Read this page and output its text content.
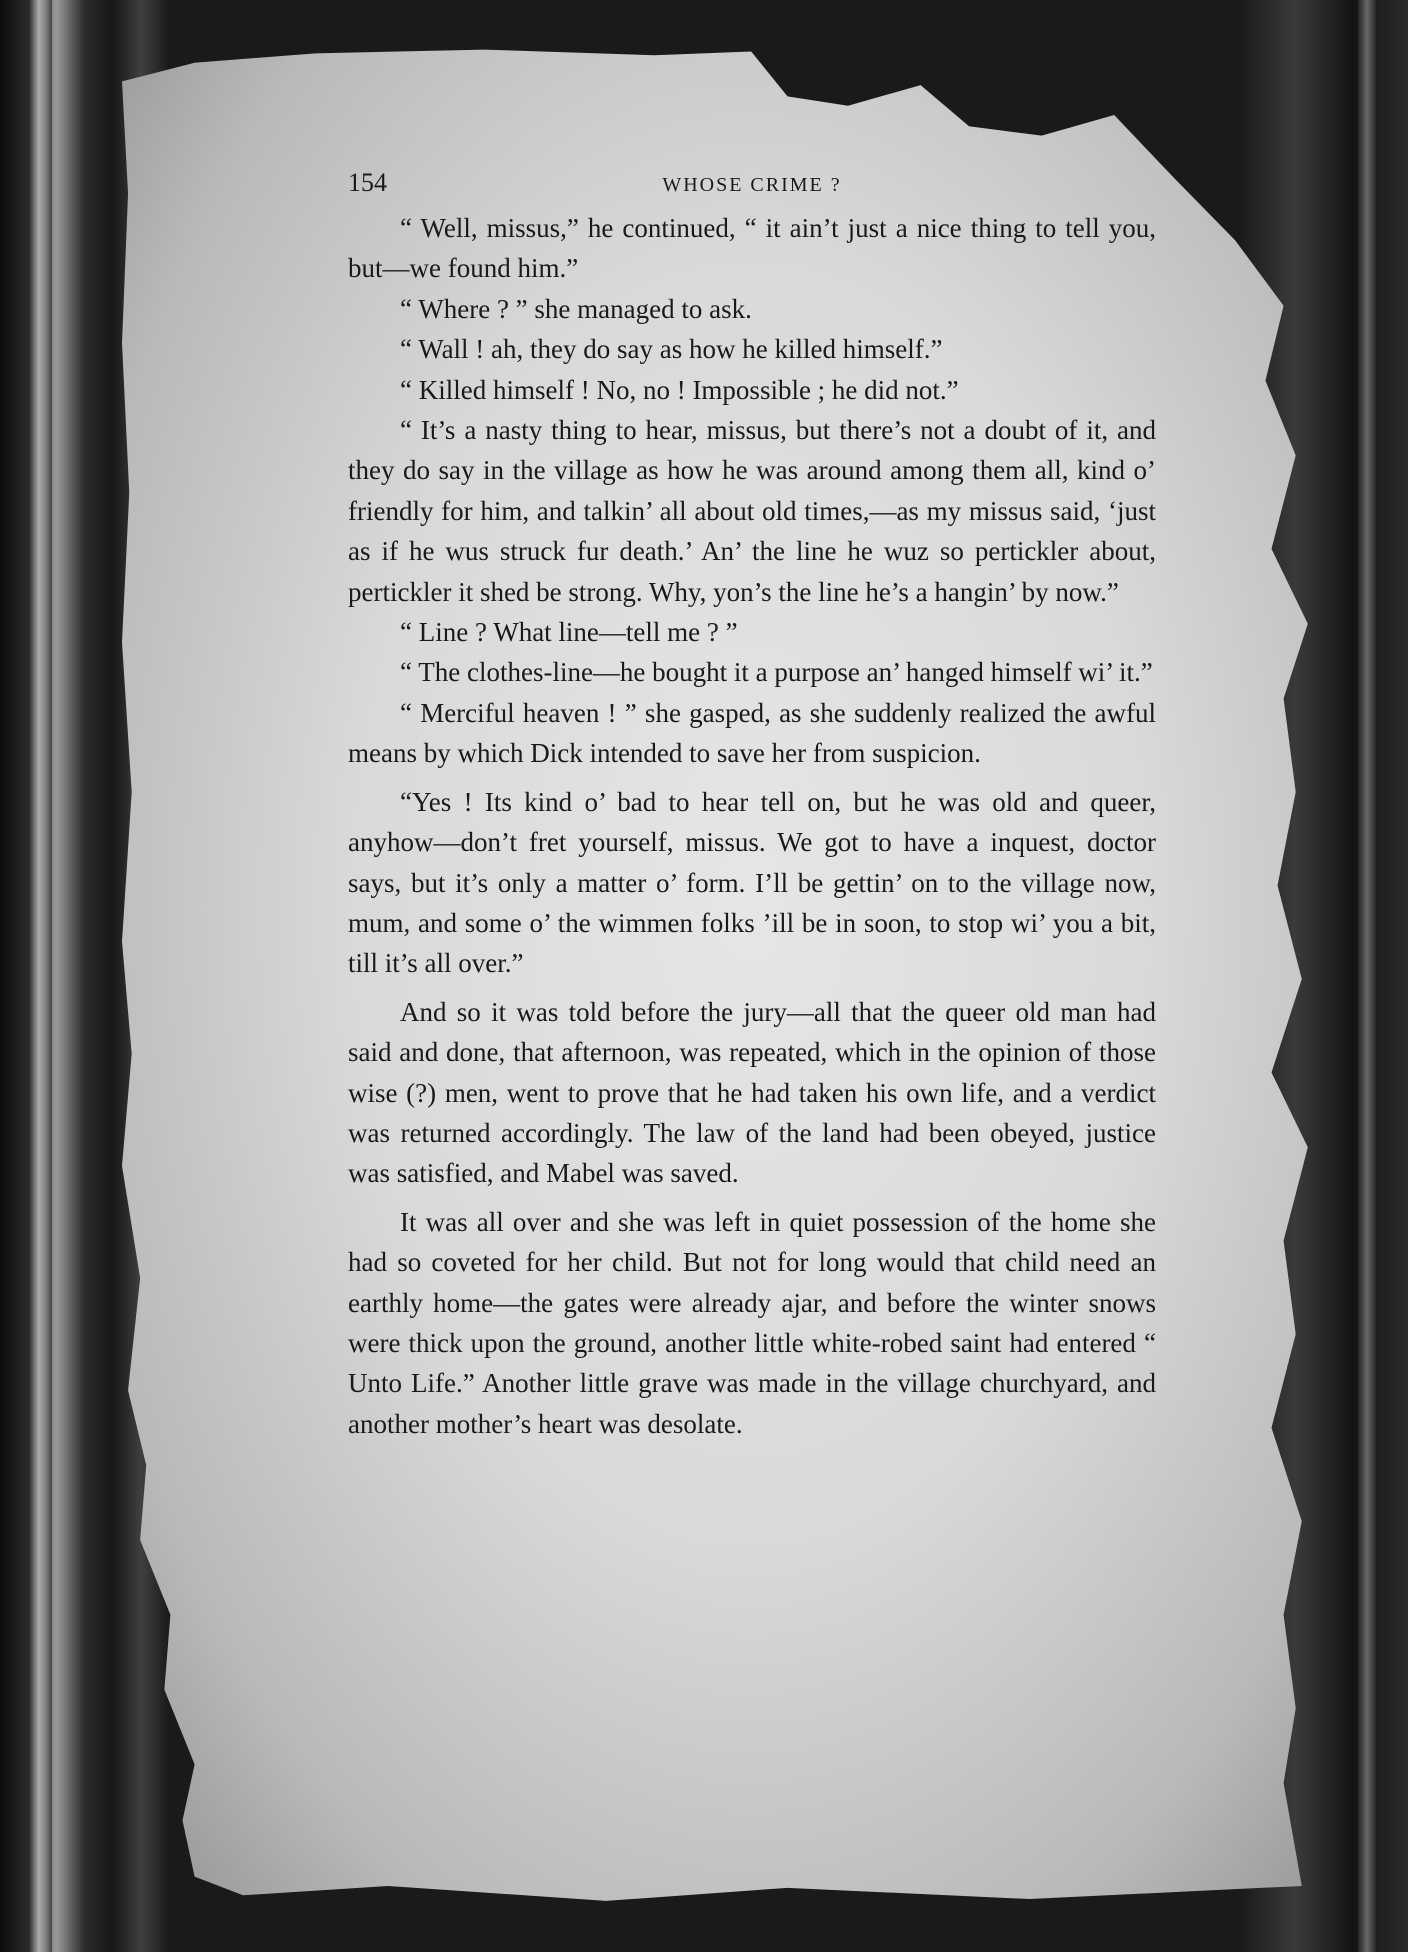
154	WHOSE CRIME ?

“ Well, missus,” he continued, “ it ain’t just a nice thing to tell you, but—we found him.”

“ Where ? ” she managed to ask.

“ Wall ! ah, they do say as how he killed himself.”

“ Killed himself ! No, no ! Impossible ; he did not.”

“ It’s a nasty thing to hear, missus, but there’s not a doubt of it, and they do say in the village as how he was around among them all, kind o’ friendly for him, and talkin’ all about old times,—as my missus said, ‘just as if he wus struck fur death.’ An’ the line he wuz so pertickler about, pertickler it shed be strong. Why, yon’s the line he’s a hangin’ by now.”

“ Line ? What line—tell me ? ”

“ The clothes-line—he bought it a purpose an’ hanged himself wi’ it.”

“ Merciful heaven ! ” she gasped, as she suddenly realized the awful means by which Dick intended to save her from suspicion.

“Yes ! Its kind o’ bad to hear tell on, but he was old and queer, anyhow—don’t fret yourself, missus. We got to have a inquest, doctor says, but it’s only a matter o’ form. I’ll be gettin’ on to the village now, mum, and some o’ the wimmen folks ’ill be in soon, to stop wi’ you a bit, till it’s all over.”

And so it was told before the jury—all that the queer old man had said and done, that afternoon, was repeated, which in the opinion of those wise (?) men, went to prove that he had taken his own life, and a verdict was returned accordingly. The law of the land had been obeyed, justice was satisfied, and Mabel was saved.

It was all over and she was left in quiet possession of the home she had so coveted for her child. But not for long would that child need an earthly home—the gates were already ajar, and before the winter snows were thick upon the ground, another little white-robed saint had entered “ Unto Life.” Another little grave was made in the village churchyard, and another mother’s heart was desolate.
